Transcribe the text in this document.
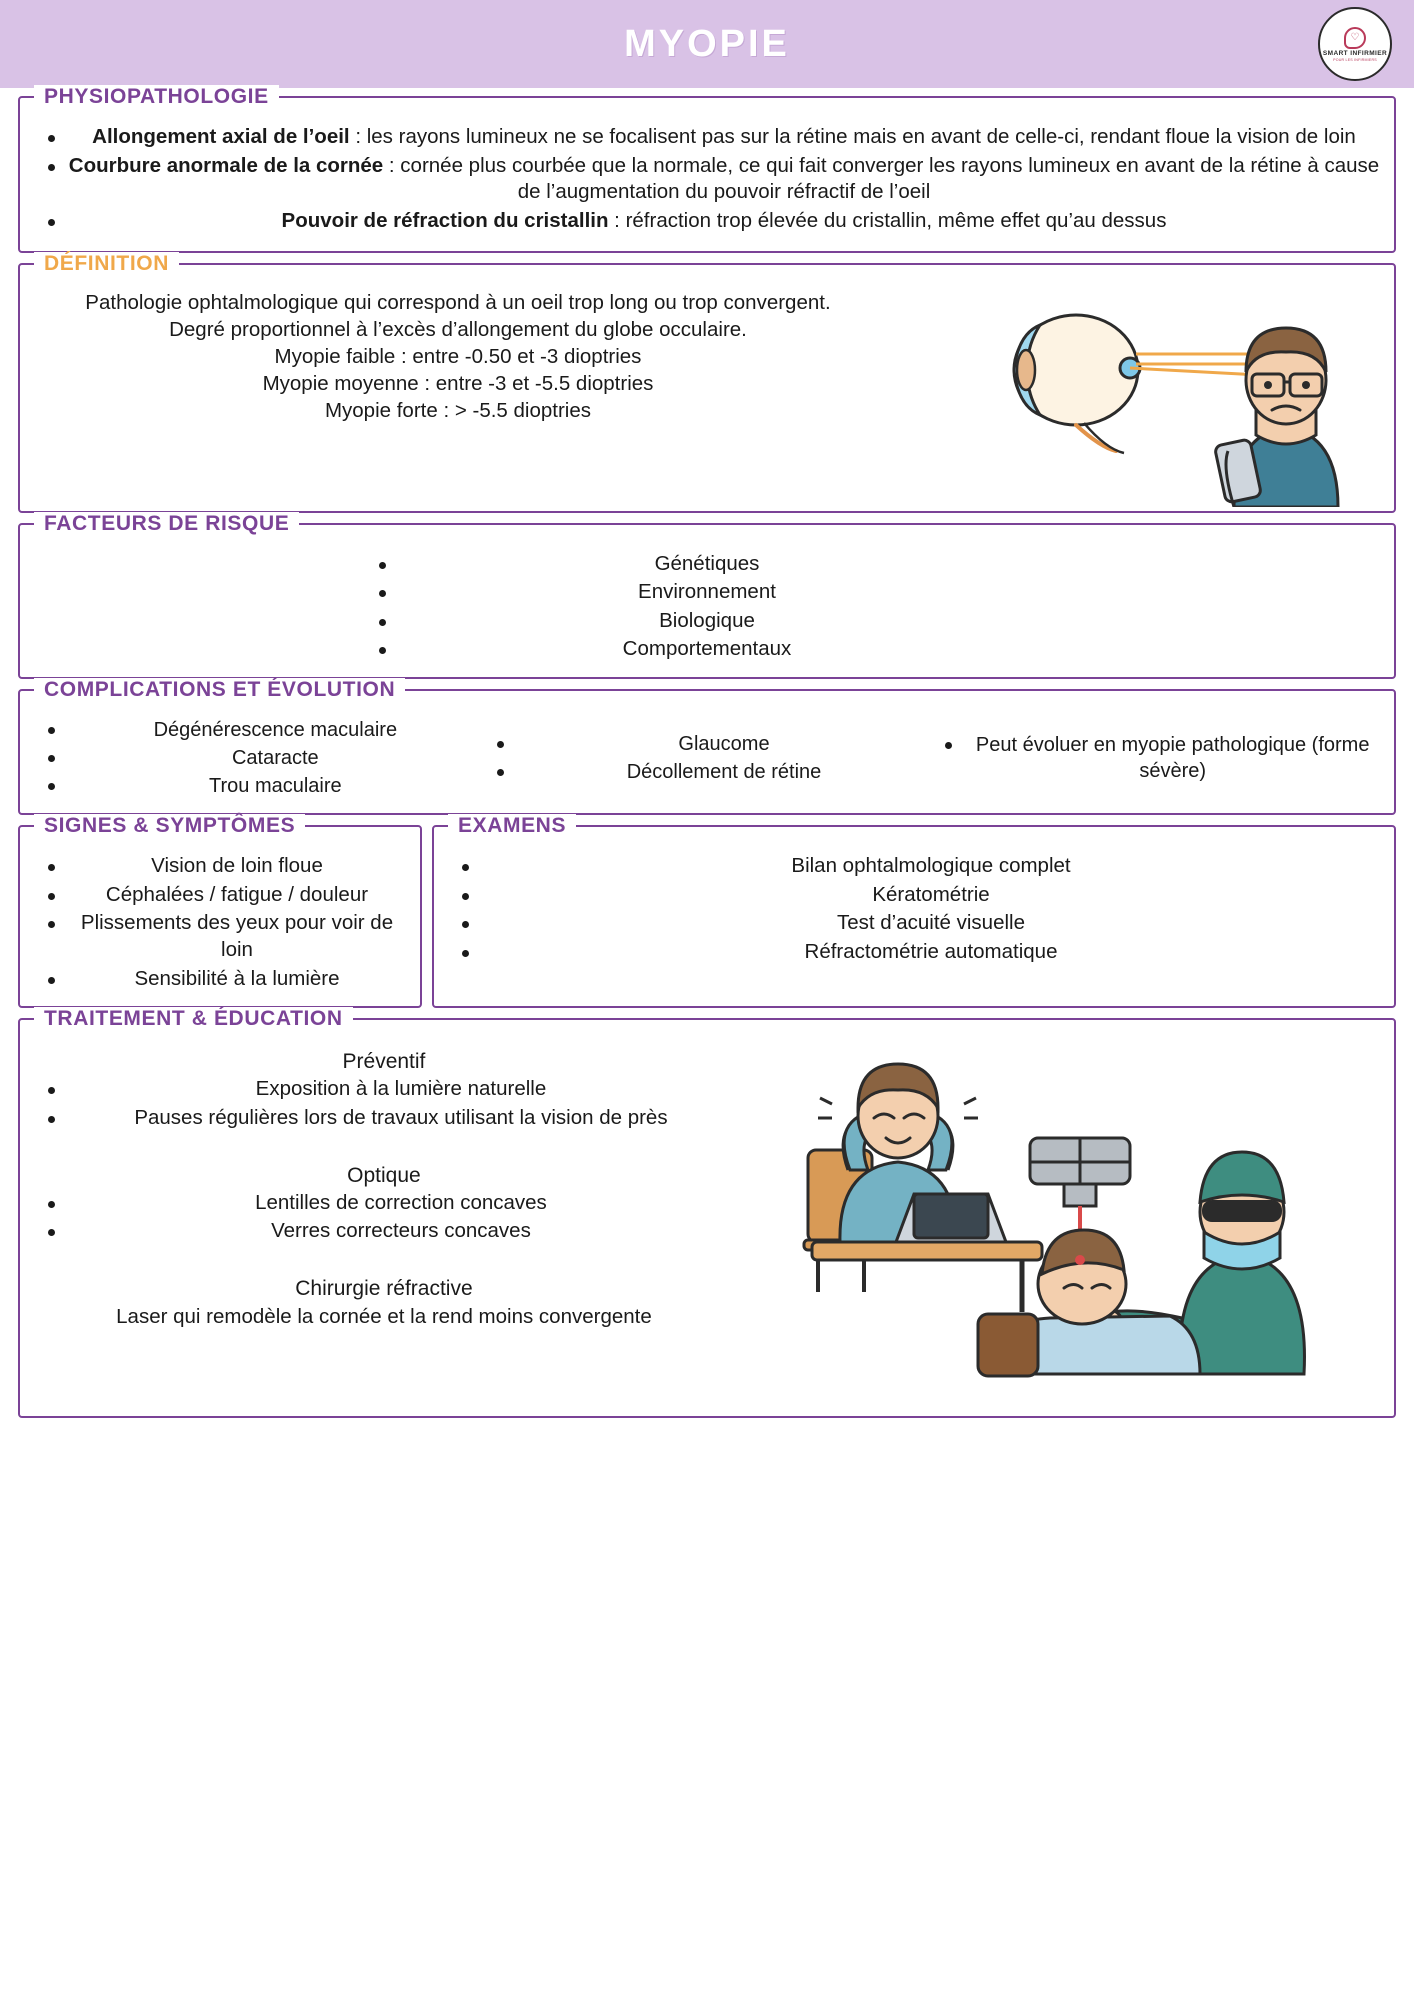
MYOPIE	♡
SMART INFIRMIER
POUR LES INFIRMIERS
PHYSIOPATHOLOGIE
Allongement axial de l’oeil : les rayons lumineux ne se focalisent pas sur la rétine mais en avant de celle-ci, rendant floue la vision de loin
Courbure anormale de la cornée : cornée plus courbée que la normale, ce qui fait converger les rayons lumineux en avant de la rétine à cause de l’augmentation du pouvoir réfractif de l’oeil
Pouvoir de réfraction du cristallin : réfraction trop élevée du cristallin, même effet qu’au dessus
DÉFINITION
Pathologie ophtalmologique qui correspond à un oeil trop long ou trop convergent.
Degré proportionnel à l’excès d’allongement du globe occulaire.
Myopie faible : entre -0.50 et -3 dioptries
Myopie moyenne : entre -3 et -5.5 dioptries
Myopie forte : > -5.5 dioptries
FACTEURS DE RISQUE
Génétiques
Environnement
Biologique
Comportementaux
COMPLICATIONS ET ÉVOLUTION
Dégénérescence maculaire
Cataracte
Trou maculaire
Glaucome
Décollement de rétine
Peut évoluer en myopie pathologique (forme sévère)
SIGNES & SYMPTÔMES
Vision de loin floue
Céphalées / fatigue / douleur
Plissements des yeux pour voir de loin
Sensibilité à la lumière
EXAMENS
Bilan ophtalmologique complet
Kératométrie
Test d’acuité visuelle
Réfractométrie automatique
TRAITEMENT & ÉDUCATION
Préventif
Exposition à la lumière naturelle
Pauses régulières lors de travaux utilisant la vision de près
Optique
Lentilles de correction concaves
Verres correcteurs concaves
Chirurgie réfractive
Laser qui remodèle la cornée et la rend moins convergente
